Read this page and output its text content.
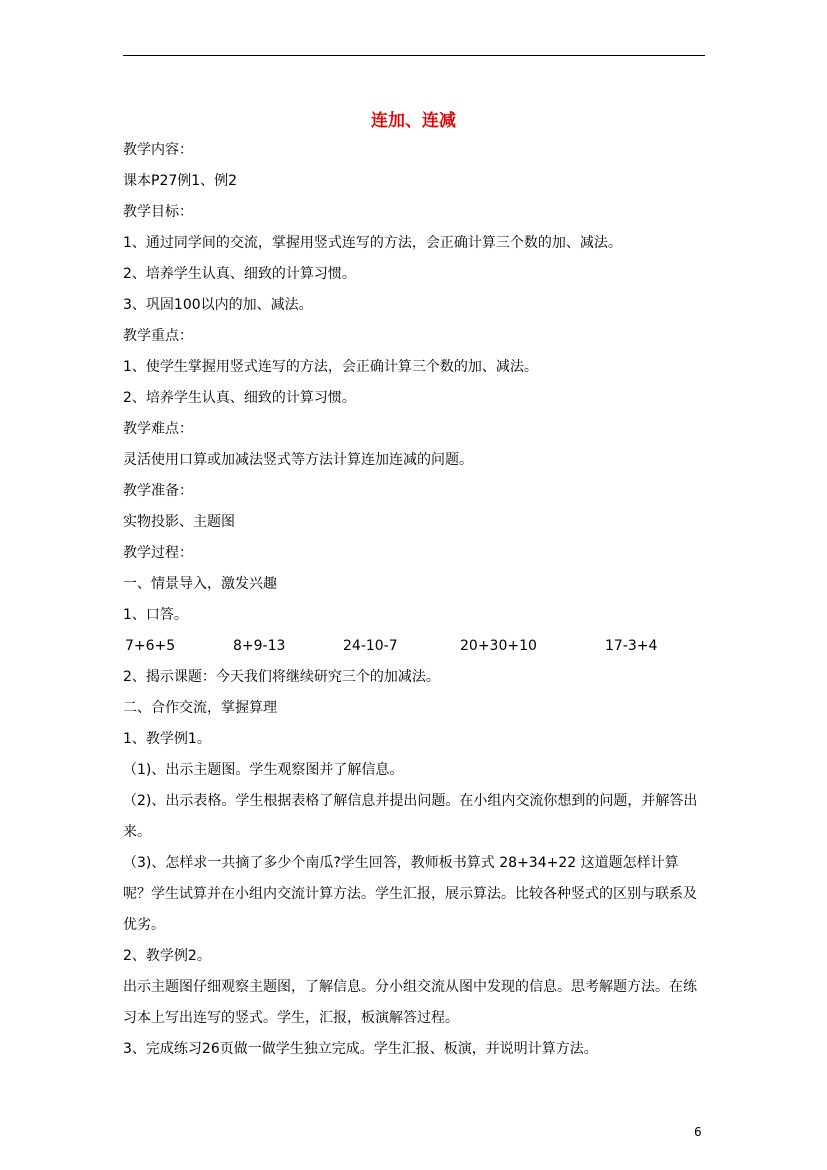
连加、连减

教学内容：

课本P27例1、例2

教学目标：

1、通过同学间的交流，掌握用竖式连写的方法，会正确计算三个数的加、减法。

2、培养学生认真、细致的计算习惯。

3、巩固100以内的加、减法。

教学重点：

1、使学生掌握用竖式连写的方法，会正确计算三个数的加、减法。

2、培养学生认真、细致的计算习惯。

教学难点：

灵活使用口算或加减法竖式等方法计算连加连减的问题。

教学准备：

实物投影、主题图

教学过程：

一、情景导入，激发兴趣

1、口答。

7+6+5	8+9-13	24-10-7	20+30+10	17-3+4

2、揭示课题：今天我们将继续研究三个的加减法。

二、合作交流，掌握算理

1、教学例1。

（1)、出示主题图。学生观察图并了解信息。

（2)、出示表格。学生根据表格了解信息并提出问题。在小组内交流你想到的问题，并解答出来。

（3)、怎样求一共摘了多少个南瓜?学生回答，教师板书算式 28+34+22 这道题怎样计算呢？学生试算并在小组内交流计算方法。学生汇报，展示算法。比较各种竖式的区别与联系及优劣。

2、教学例2。

出示主题图仔细观察主题图，了解信息。分小组交流从图中发现的信息。思考解题方法。在练习本上写出连写的竖式。学生，汇报，板演解答过程。

3、完成练习26页做一做学生独立完成。学生汇报、板演，并说明计算方法。

6
